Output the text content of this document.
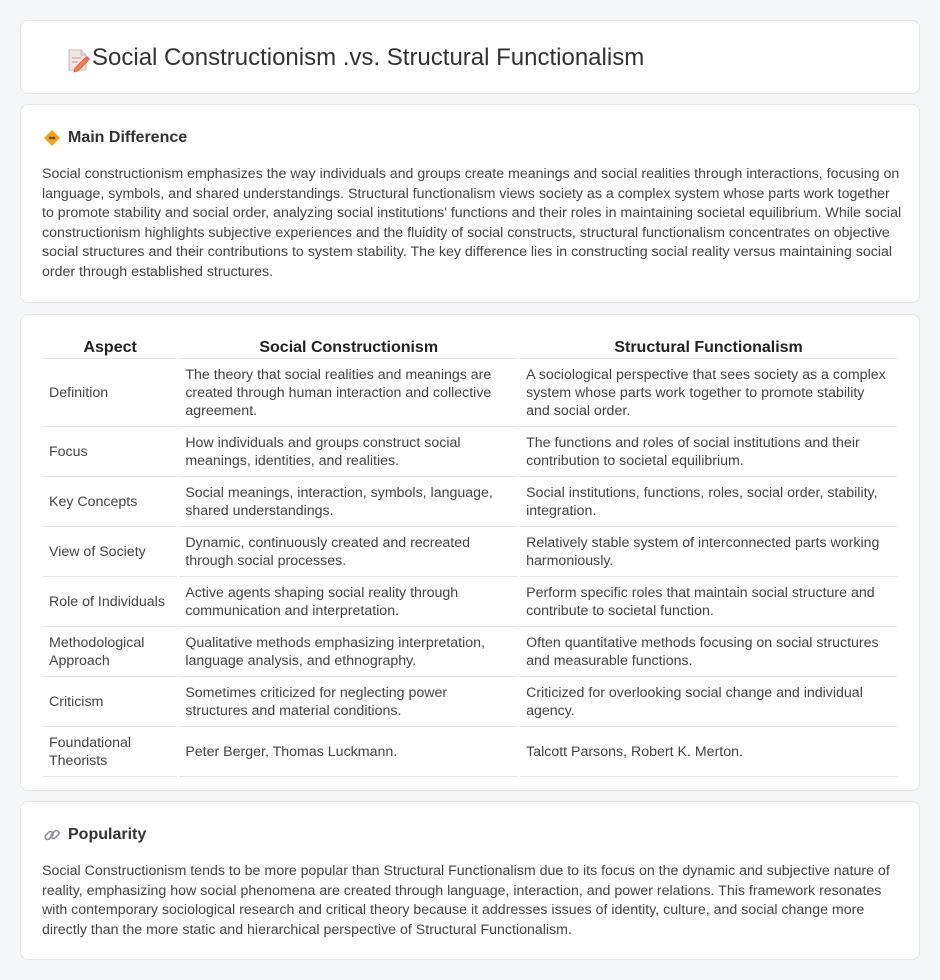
Social Constructionism .vs. Structural Functionalism
Main Difference

Social constructionism emphasizes the way individuals and groups create meanings and social realities through interactions, focusing on language, symbols, and shared understandings. Structural functionalism views society as a complex system whose parts work together to promote stability and social order, analyzing social institutions' functions and their roles in maintaining societal equilibrium. While social constructionism highlights subjective experiences and the fluidity of social constructs, structural functionalism concentrates on objective social structures and their contributions to system stability. The key difference lies in constructing social reality versus maintaining social order through established structures.

Aspect	Social Constructionism	Structural Functionalism
Definition	The theory that social realities and meanings are created through human interaction and collective agreement.	A sociological perspective that sees society as a complex system whose parts work together to promote stability and social order.
Focus	How individuals and groups construct social meanings, identities, and realities.	The functions and roles of social institutions and their contribution to societal equilibrium.
Key Concepts	Social meanings, interaction, symbols, language, shared understandings.	Social institutions, functions, roles, social order, stability, integration.
View of Society	Dynamic, continuously created and recreated through social processes.	Relatively stable system of interconnected parts working harmoniously.
Role of Individuals	Active agents shaping social reality through communication and interpretation.	Perform specific roles that maintain social structure and contribute to societal function.
Methodological Approach	Qualitative methods emphasizing interpretation, language analysis, and ethnography.	Often quantitative methods focusing on social structures and measurable functions.
Criticism	Sometimes criticized for neglecting power structures and material conditions.	Criticized for overlooking social change and individual agency.
Foundational Theorists	Peter Berger, Thomas Luckmann.	Talcott Parsons, Robert K. Merton.
Popularity

Social Constructionism tends to be more popular than Structural Functionalism due to its focus on the dynamic and subjective nature of reality, emphasizing how social phenomena are created through language, interaction, and power relations. This framework resonates with contemporary sociological research and critical theory because it addresses issues of identity, culture, and social change more directly than the more static and hierarchical perspective of Structural Functionalism.
